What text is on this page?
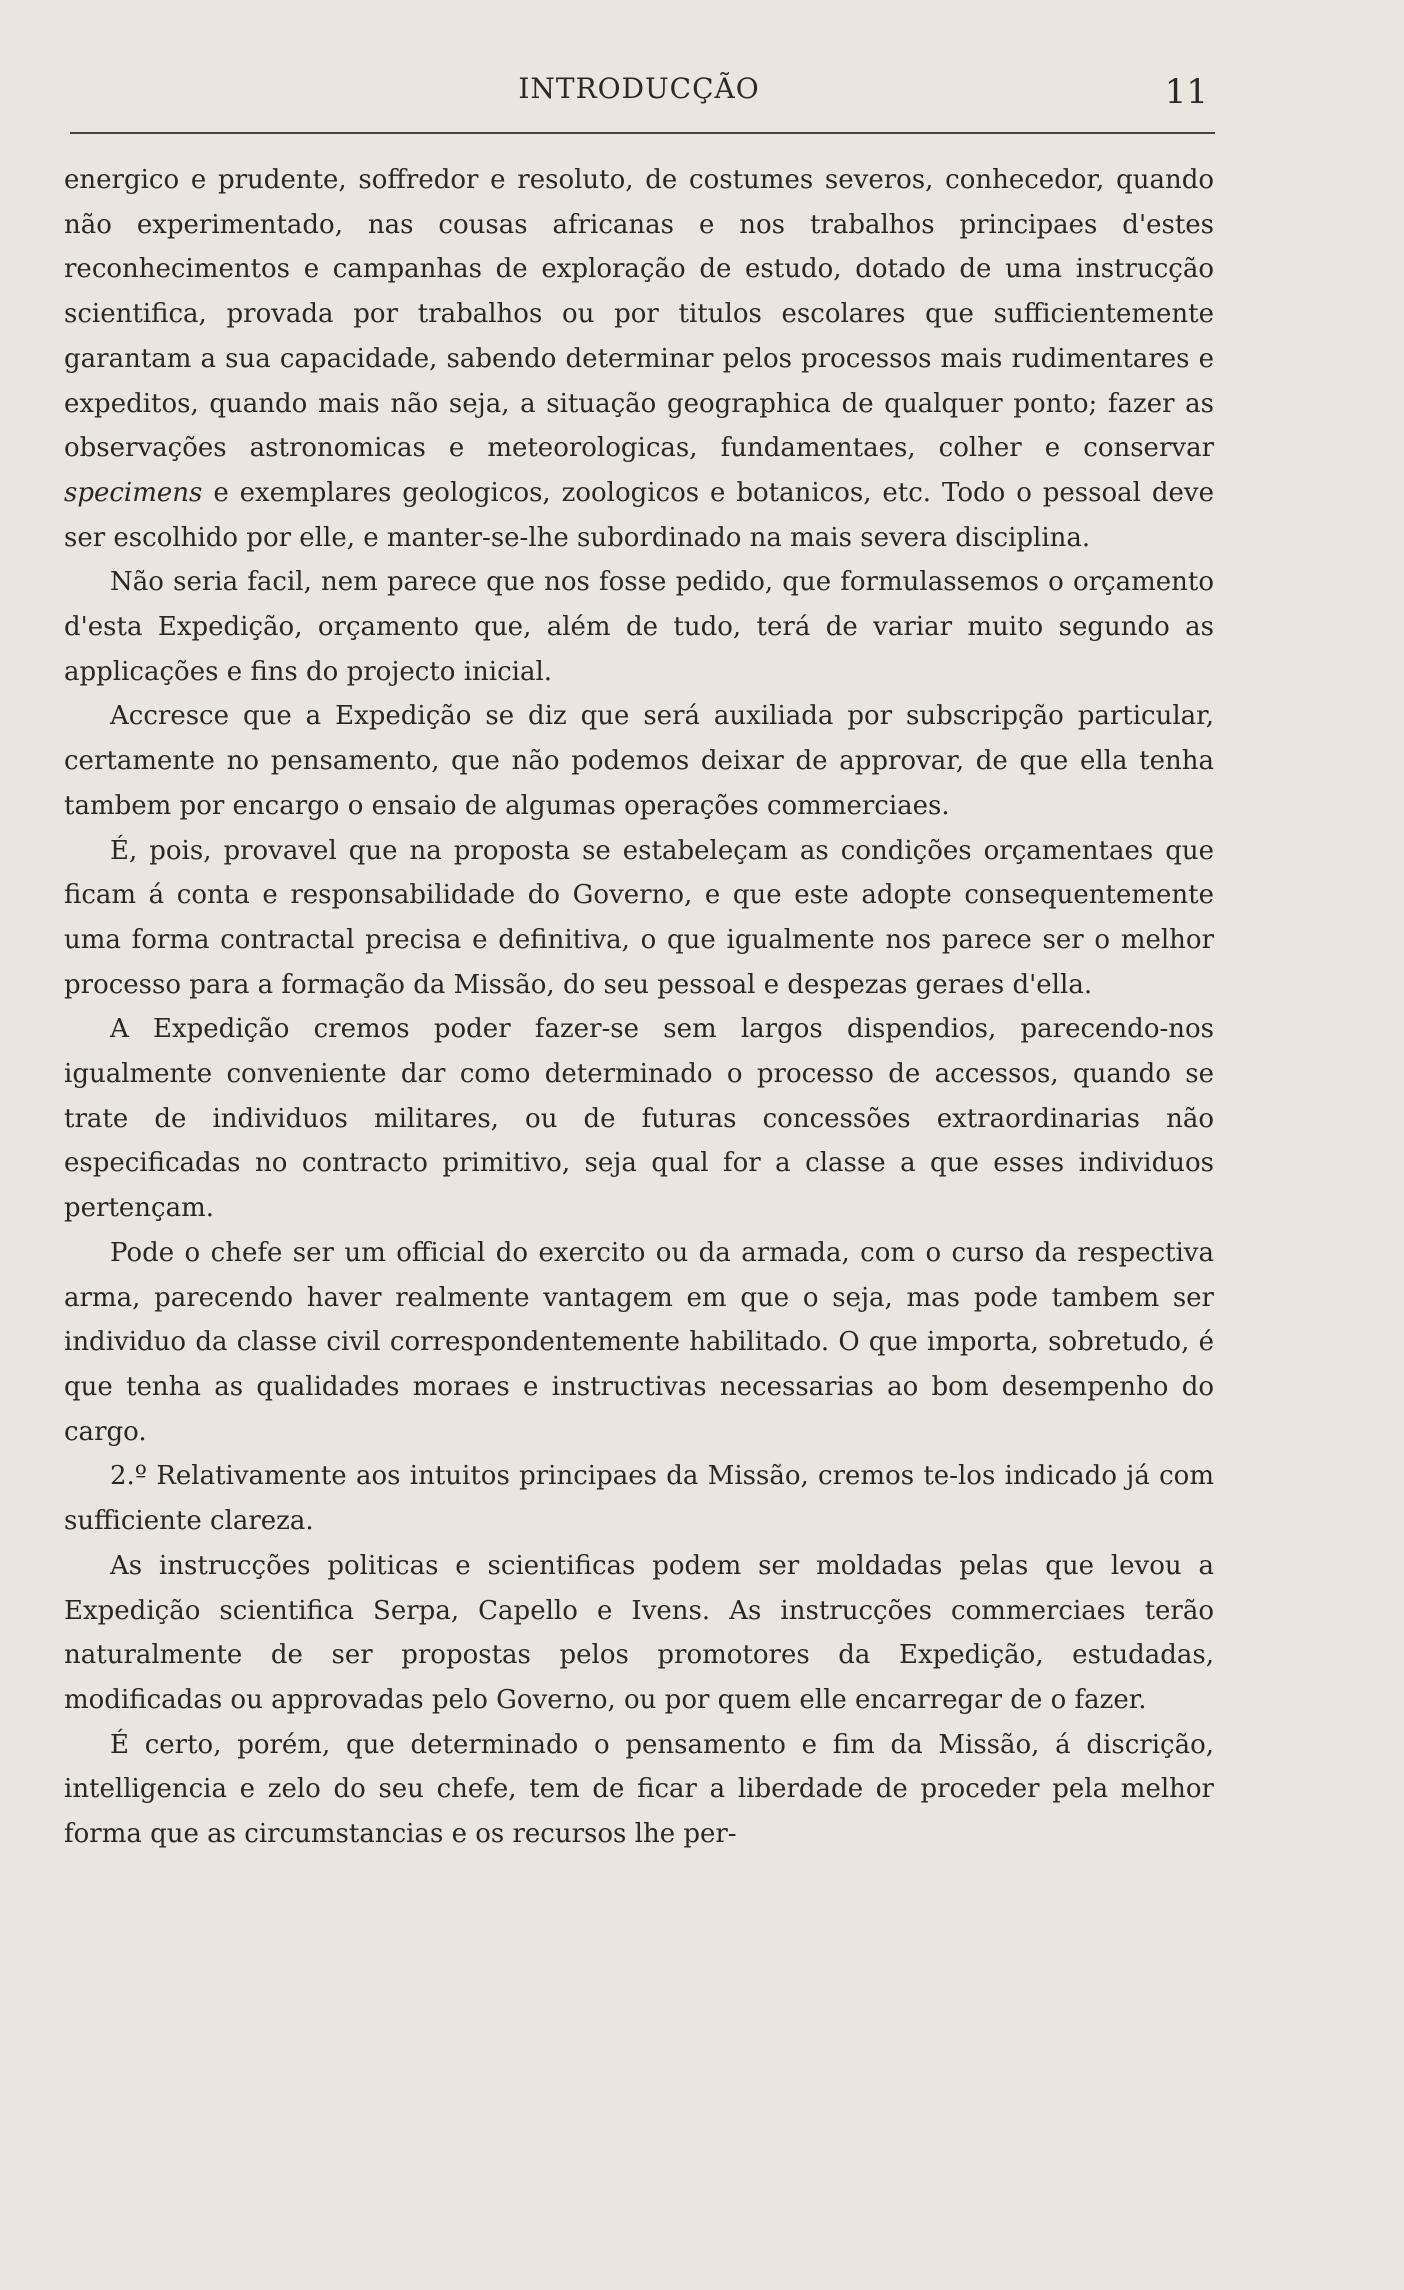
INTRODUCÇÃO	11

energico e prudente, soffredor e resoluto, de costumes severos, conhecedor, quando não experimentado, nas cousas africanas e nos trabalhos principaes d'estes reconhecimentos e campanhas de exploração de estudo, dotado de uma instrucção scientifica, provada por trabalhos ou por titulos escolares que sufficientemente garantam a sua capacidade, sabendo determinar pelos processos mais rudimentares e expeditos, quando mais não seja, a situação geographica de qualquer ponto; fazer as observações astronomicas e meteorologicas, fundamentaes, colher e conservar specimens e exemplares geologicos, zoologicos e botanicos, etc. Todo o pessoal deve ser escolhido por elle, e manter-se-lhe subordinado na mais severa disciplina.

Não seria facil, nem parece que nos fosse pedido, que formulassemos o orçamento d'esta Expedição, orçamento que, além de tudo, terá de variar muito segundo as applicações e fins do projecto inicial.

Accresce que a Expedição se diz que será auxiliada por subscripção particular, certamente no pensamento, que não podemos deixar de approvar, de que ella tenha tambem por encargo o ensaio de algumas operações commerciaes.

É, pois, provavel que na proposta se estabeleçam as condições orçamentaes que ficam á conta e responsabilidade do Governo, e que este adopte consequentemente uma forma contractal precisa e definitiva, o que igualmente nos parece ser o melhor processo para a formação da Missão, do seu pessoal e despezas geraes d'ella.

A Expedição cremos poder fazer-se sem largos dispendios, parecendo-nos igualmente conveniente dar como determinado o processo de accessos, quando se trate de individuos militares, ou de futuras concessões extraordinarias não especificadas no contracto primitivo, seja qual for a classe a que esses individuos pertençam.

Pode o chefe ser um official do exercito ou da armada, com o curso da respectiva arma, parecendo haver realmente vantagem em que o seja, mas pode tambem ser individuo da classe civil correspondentemente habilitado. O que importa, sobretudo, é que tenha as qualidades moraes e instructivas necessarias ao bom desempenho do cargo.

2.º Relativamente aos intuitos principaes da Missão, cremos te-los indicado já com sufficiente clareza.

As instrucções politicas e scientificas podem ser moldadas pelas que levou a Expedição scientifica Serpa, Capello e Ivens. As instrucções commerciaes terão naturalmente de ser propostas pelos promotores da Expedição, estudadas, modificadas ou approvadas pelo Governo, ou por quem elle encarregar de o fazer.

É certo, porém, que determinado o pensamento e fim da Missão, á discrição, intelligencia e zelo do seu chefe, tem de ficar a liberdade de proceder pela melhor forma que as circumstancias e os recursos lhe per-
